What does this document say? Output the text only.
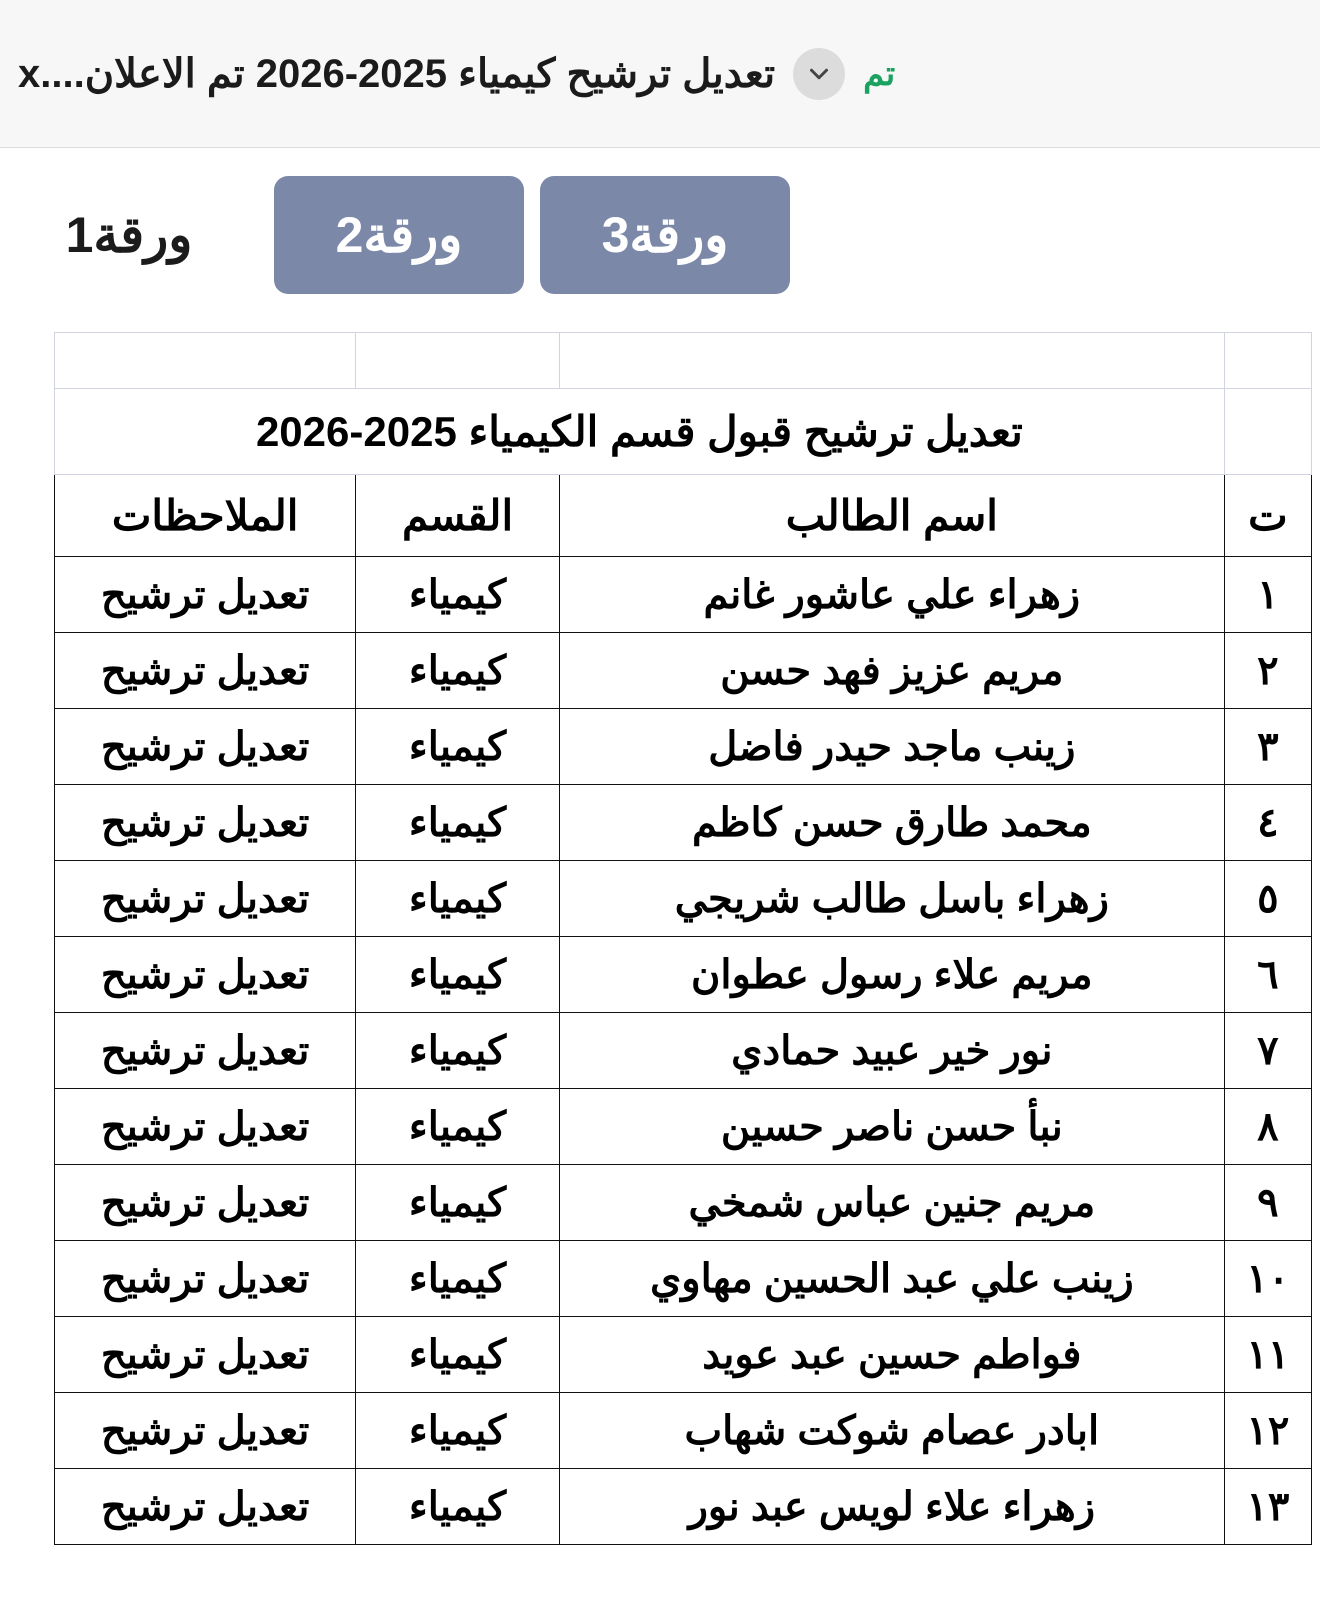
تعديل ترشيح كيمياء 2025-2026 تم الاعلان....x	تم
ورقة1	ورقة2	ورقة3

	تعديل ترشيح قبول قسم الكيمياء 2025-2026		
ت	اسم الطالب	القسم	الملاحظات
١	زهراء علي عاشور غانم	كيمياء	تعديل ترشيح
٢	مريم عزيز فهد حسن	كيمياء	تعديل ترشيح
٣	زينب ماجد حيدر فاضل	كيمياء	تعديل ترشيح
٤	محمد طارق حسن كاظم	كيمياء	تعديل ترشيح
٥	زهراء باسل طالب شريجي	كيمياء	تعديل ترشيح
٦	مريم علاء رسول عطوان	كيمياء	تعديل ترشيح
٧	نور خير عبيد حمادي	كيمياء	تعديل ترشيح
٨	نبأ حسن ناصر حسين	كيمياء	تعديل ترشيح
٩	مريم جنين عباس شمخي	كيمياء	تعديل ترشيح
١٠	زينب علي عبد الحسين مهاوي	كيمياء	تعديل ترشيح
١١	فواطم حسين عبد عويد	كيمياء	تعديل ترشيح
١٢	ابادر عصام شوكت شهاب	كيمياء	تعديل ترشيح
١٣	زهراء علاء لويس عبد نور	كيمياء	تعديل ترشيح
